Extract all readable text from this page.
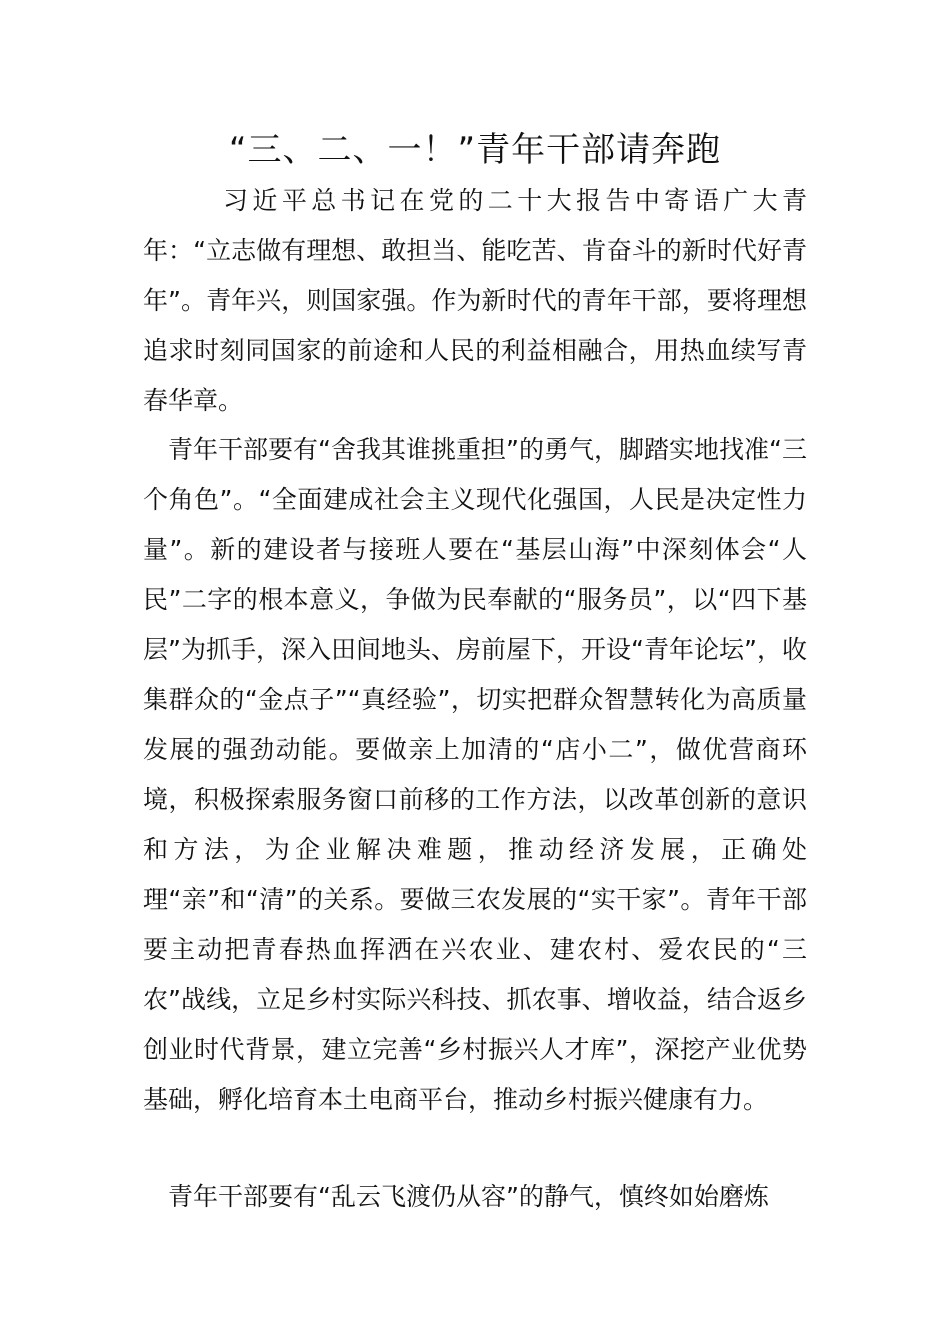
“三、二、一！”青年干部请奔跑

习近平总书记在党的二十大报告中寄语广大青年：“立志做有理想、敢担当、能吃苦、肯奋斗的新时代好青年”。青年兴，则国家强。作为新时代的青年干部，要将理想追求时刻同国家的前途和人民的利益相融合，用热血续写青春华章。

青年干部要有“舍我其谁挑重担”的勇气，脚踏实地找准“三个角色”。“全面建成社会主义现代化强国，人民是决定性力量”。新的建设者与接班人要在“基层山海”中深刻体会“人民”二字的根本意义，争做为民奉献的“服务员”，以“四下基层”为抓手，深入田间地头、房前屋下，开设“青年论坛”，收集群众的“金点子”“真经验”，切实把群众智慧转化为高质量发展的强劲动能。要做亲上加清的“店小二”，做优营商环境，积极探索服务窗口前移的工作方法，以改革创新的意识和方法，为企业解决难题，推动经济发展，正确处理“亲”和“清”的关系。要做三农发展的“实干家”。青年干部要主动把青春热血挥洒在兴农业、建农村、爱农民的“三农”战线，立足乡村实际兴科技、抓农事、增收益，结合返乡创业时代背景，建立完善“乡村振兴人才库”，深挖产业优势基础，孵化培育本土电商平台，推动乡村振兴健康有力。

青年干部要有“乱云飞渡仍从容”的静气，慎终如始磨炼
